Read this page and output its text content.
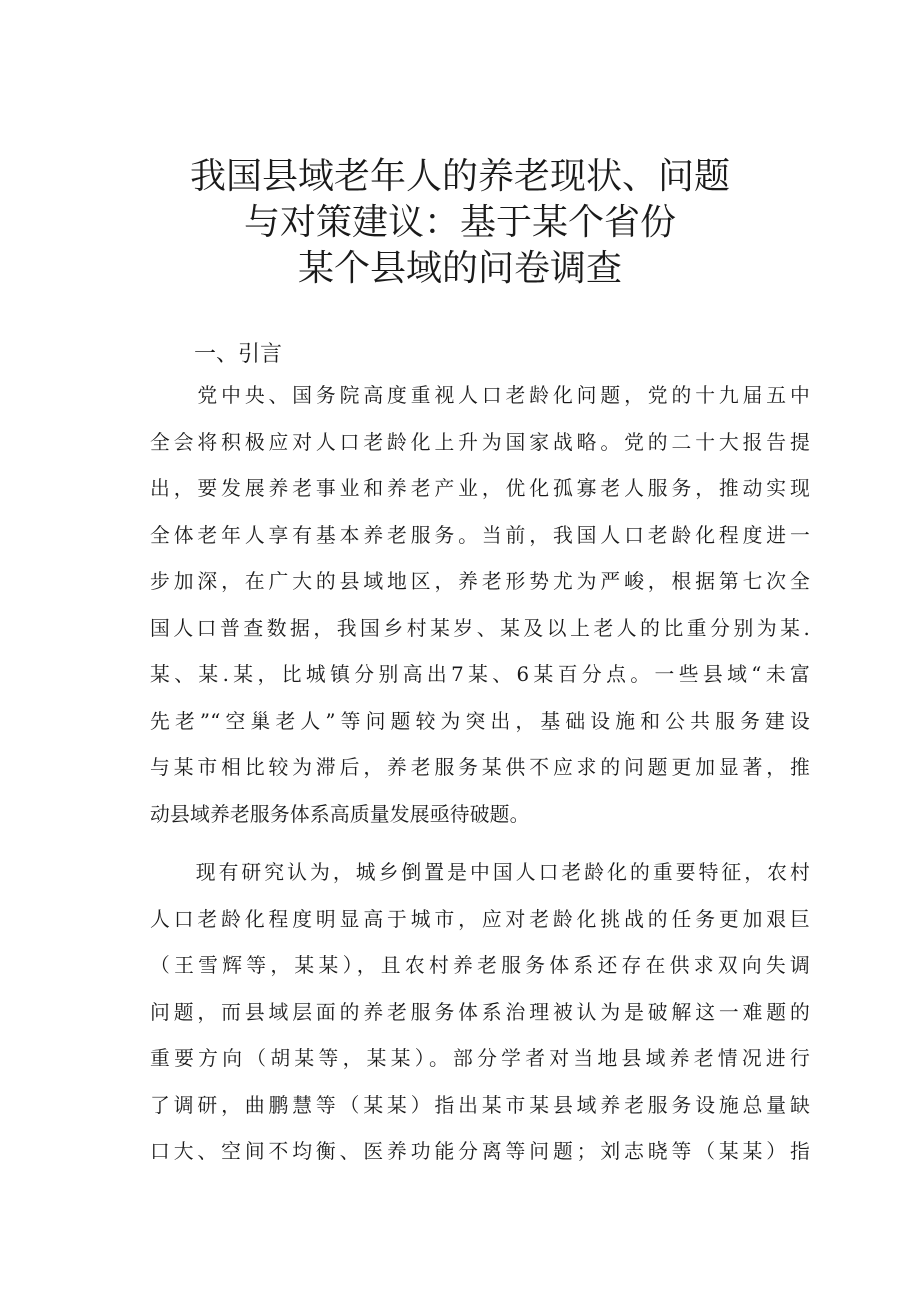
我国县域老年人的养老现状、问题
与对策建议：基于某个省份
某个县域的问卷调查
一、引言

　　党中央、国务院高度重视人口老龄化问题，党的十九届五中
全会将积极应对人口老龄化上升为国家战略。党的二十大报告提
出，要发展养老事业和养老产业，优化孤寡老人服务，推动实现
全体老年人享有基本养老服务。当前，我国人口老龄化程度进一
步加深，在广大的县域地区，养老形势尤为严峻，根据第七次全
国人口普查数据，我国乡村某岁、某及以上老人的比重分别为某.
某、某.某，比城镇分别高出7某、6某百分点。一些县域“未富
先老”“空巢老人”等问题较为突出，基础设施和公共服务建设
与某市相比较为滞后，养老服务某供不应求的问题更加显著，推
动县域养老服务体系高质量发展亟待破题。

　　现有研究认为，城乡倒置是中国人口老龄化的重要特征，农村
人口老龄化程度明显高于城市，应对老龄化挑战的任务更加艰巨
（王雪辉等，某某），且农村养老服务体系还存在供求双向失调
问题，而县域层面的养老服务体系治理被认为是破解这一难题的
重要方向（胡某等，某某）。部分学者对当地县域养老情况进行
了调研，曲鹏慧等（某某）指出某市某县域养老服务设施总量缺
口大、空间不均衡、医养功能分离等问题；刘志晓等（某某）指
